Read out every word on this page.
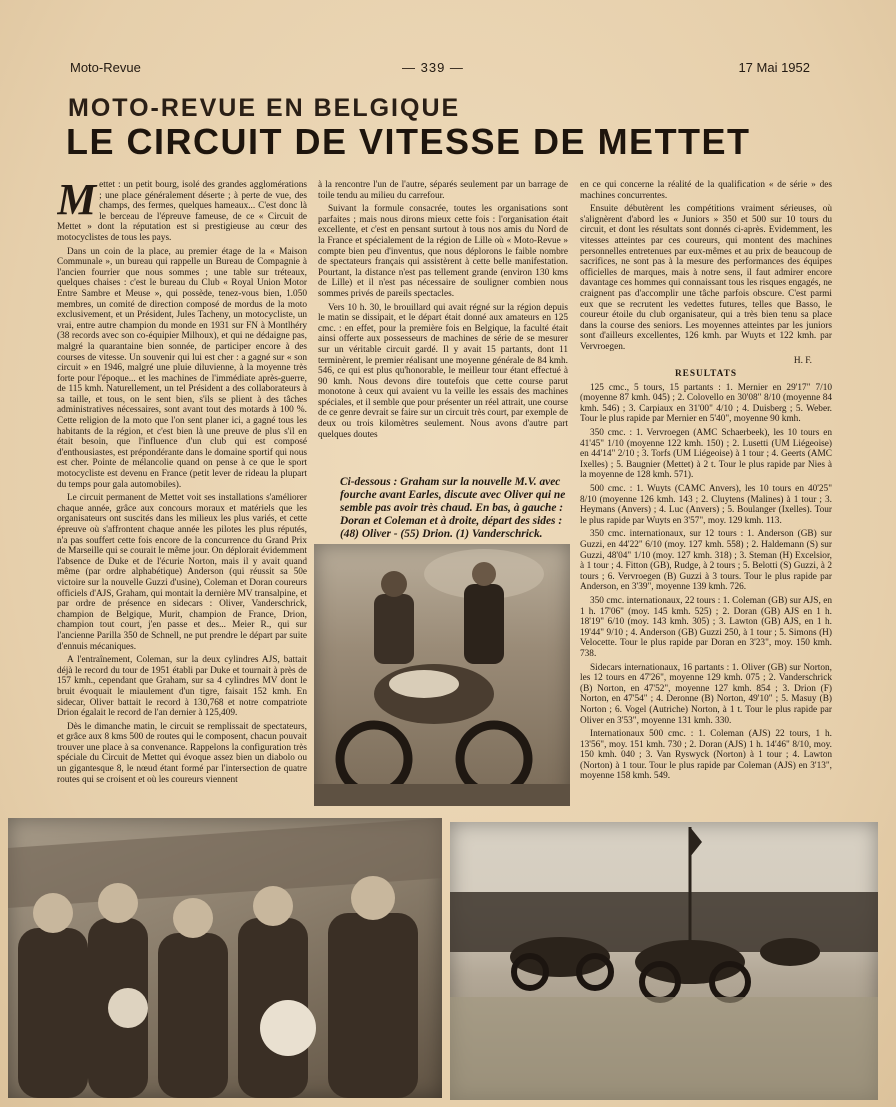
Moto-Revue	— 339 —	17 Mai 1952
MOTO-REVUE EN BELGIQUE
LE CIRCUIT DE VITESSE DE METTET

Mettet : un petit bourg, isolé des grandes agglomérations ; une place généralement déserte ; à perte de vue, des champs, des fermes, quelques hameaux... C'est donc là le berceau de l'épreuve fameuse, de ce « Circuit de Mettet » dont la réputation est si prestigieuse au cœur des motocyclistes de tous les pays.

Dans un coin de la place, au premier étage de la « Maison Communale », un bureau qui rappelle un Bureau de Compagnie à l'ancien fourrier que nous sommes ; une table sur tréteaux, quelques chaises : c'est le bureau du Club « Royal Union Motor Entre Sambre et Meuse », qui possède, tenez-vous bien, 1.050 membres, un comité de direction composé de mordus de la moto exclusivement, et un Président, Jules Tacheny, un motocycliste, un vrai, entre autre champion du monde en 1931 sur FN à Montlhéry (38 records avec son co-équipier Milhoux), et qui ne dédaigne pas, malgré la quarantaine bien sonnée, de participer encore à des courses de vitesse. Un souvenir qui lui est cher : a gagné sur « son circuit » en 1946, malgré une pluie diluvienne, à la moyenne très forte pour l'époque... et les machines de l'immédiate après-guerre, de 115 kmh. Naturellement, un tel Président a des collaborateurs à sa taille, et tous, on le sent bien, s'ils se plient à des tâches administratives nécessaires, sont avant tout des motards à 100 %. Cette religion de la moto que l'on sent planer ici, a gagné tous les habitants de la région, et c'est bien là une preuve de plus s'il en était besoin, que l'influence d'un club qui est composé d'enthousiastes, est prépondérante dans le domaine sportif qui nous est cher. Pointe de mélancolie quand on pense à ce que le sport motocycliste est devenu en France (petit lever de rideau la plupart du temps pour gala automobiles).

Le circuit permanent de Mettet voit ses installations s'améliorer chaque année, grâce aux concours moraux et matériels que les organisateurs ont suscités dans les milieux les plus variés, et cette épreuve où s'affrontent chaque année les pilotes les plus réputés, n'a pas souffert cette fois encore de la concurrence du Grand Prix de Marseille qui se courait le même jour. On déplorait évidemment l'absence de Duke et de l'écurie Norton, mais il y avait quand même (par ordre alphabétique) Anderson (qui réussit sa 50e victoire sur la nouvelle Guzzi d'usine), Coleman et Doran coureurs officiels d'AJS, Graham, qui montait la dernière MV transalpine, et par ordre de présence en sidecars : Oliver, Vanderschrick, champion de Belgique, Murit, champion de France, Drion, champion tout court, j'en passe et des... Meier R., qui sur l'ancienne Parilla 350 de Schnell, ne put prendre le départ par suite d'ennuis mécaniques.

A l'entraînement, Coleman, sur la deux cylindres AJS, battait déjà le record du tour de 1951 établi par Duke et tournait à près de 157 kmh., cependant que Graham, sur sa 4 cylindres MV dont le bruit évoquait le miaulement d'un tigre, faisait 152 kmh. En sidecar, Oliver battait le record à 130,768 et notre compatriote Drion égalait le record de l'an dernier à 125,409.

Dès le dimanche matin, le circuit se remplissait de spectateurs, et grâce aux 8 kms 500 de routes qui le composent, chacun pouvait trouver une place à sa convenance. Rappelons la configuration très spéciale du Circuit de Mettet qui évoque assez bien un diabolo ou un gigantesque 8, le nœud étant formé par l'intersection de quatre routes qui se croisent et où les coureurs viennent

à la rencontre l'un de l'autre, séparés seulement par un barrage de toile tendu au milieu du carrefour.

Suivant la formule consacrée, toutes les organisations sont parfaites ; mais nous dirons mieux cette fois : l'organisation était excellente, et c'est en pensant surtout à tous nos amis du Nord de la France et spécialement de la région de Lille où « Moto-Revue » compte bien peu d'inventus, que nous déplorons le faible nombre de spectateurs français qui assistèrent à cette belle manifestation. Pourtant, la distance n'est pas tellement grande (environ 130 kms de Lille) et il n'est pas nécessaire de souligner combien nous sommes privés de pareils spectacles.

Vers 10 h. 30, le brouillard qui avait régné sur la région depuis le matin se dissipait, et le départ était donné aux amateurs en 125 cmc. : en effet, pour la première fois en Belgique, la faculté était ainsi offerte aux possesseurs de machines de série de se mesurer sur un véritable circuit gardé. Il y avait 15 partants, dont 11 terminèrent, le premier réalisant une moyenne générale de 84 kmh. 546, ce qui est plus qu'honorable, le meilleur tour étant effectué à 90 kmh. Nous devons dire toutefois que cette course parut monotone à ceux qui avaient vu la veille les essais des machines spéciales, et il semble que pour présenter un réel attrait, une course de ce genre devrait se faire sur un circuit très court, par exemple de deux ou trois kilomètres seulement. Nous avons d'autre part quelques doutes

Ci-dessous : Graham sur la nouvelle M.V. avec fourche avant Earles, discute avec Oliver qui ne semble pas avoir très chaud. En bas, à gauche : Doran et Coleman et à droite, départ des sides : (48) Oliver - (55) Drion. (1) Vanderschrick.

en ce qui concerne la réalité de la qualification « de série » des machines concurrentes.

Ensuite débutèrent les compétitions vraiment sérieuses, où s'alignèrent d'abord les « Juniors » 350 et 500 sur 10 tours du circuit, et dont les résultats sont donnés ci-après. Evidemment, les vitesses atteintes par ces coureurs, qui montent des machines personnelles entretenues par eux-mêmes et au prix de beaucoup de sacrifices, ne sont pas à la mesure des performances des équipes officielles de marques, mais à notre sens, il faut admirer encore davantage ces hommes qui connaissant tous les risques engagés, ne craignent pas d'accomplir une tâche parfois obscure. C'est parmi eux que se recrutent les vedettes futures, telles que Basso, le coureur étoile du club organisateur, qui a très bien tenu sa place dans la course des seniors. Les moyennes atteintes par les juniors sont d'ailleurs excellentes, 126 kmh. par Wuyts et 122 kmh. par Vervroegen.

H. F.

RESULTATS

125 cmc., 5 tours, 15 partants : 1. Mernier en 29'17" 7/10 (moyenne 87 kmh. 045) ; 2. Colovello en 30'08" 8/10 (moyenne 84 kmh. 546) ; 3. Carpiaux en 31'00" 4/10 ; 4. Duisberg ; 5. Weber. Tour le plus rapide par Mernier en 5'40", moyenne 90 kmh.

350 cmc. : 1. Vervroegen (AMC Schaerbeek), les 10 tours en 41'45" 1/10 (moyenne 122 kmh. 150) ; 2. Lusetti (UM Liégeoise) en 44'14" 2/10 ; 3. Torfs (UM Liégeoise) à 1 tour ; 4. Geerts (AMC Ixelles) ; 5. Baugnier (Mettet) à 2 t. Tour le plus rapide par Nies à la moyenne de 128 kmh. 571).

500 cmc. : 1. Wuyts (CAMC Anvers), les 10 tours en 40'25" 8/10 (moyenne 126 kmh. 143 ; 2. Cluytens (Malines) à 1 tour ; 3. Heymans (Anvers) ; 4. Luc (Anvers) ; 5. Boulanger (Ixelles). Tour le plus rapide par Wuyts en 3'57", moy. 129 kmh. 113.

350 cmc. internationaux, sur 12 tours : 1. Anderson (GB) sur Guzzi, en 44'22" 6/10 (moy. 127 kmh. 558) ; 2. Haldemann (S) sur Guzzi, 48'04" 1/10 (moy. 127 kmh. 318) ; 3. Steman (H) Excelsior, à 1 tour ; 4. Fitton (GB), Rudge, à 2 tours ; 5. Belotti (S) Guzzi, à 2 tours ; 6. Vervroegen (B) Guzzi à 3 tours. Tour le plus rapide par Anderson, en 3'39", moyenne 139 kmh. 726.

350 cmc. internationaux, 22 tours : 1. Coleman (GB) sur AJS, en 1 h. 17'06" (moy. 145 kmh. 525) ; 2. Doran (GB) AJS en 1 h. 18'19" 6/10 (moy. 143 kmh. 305) ; 3. Lawton (GB) AJS, en 1 h. 19'44" 9/10 ; 4. Anderson (GB) Guzzi 250, à 1 tour ; 5. Simons (H) Velocette. Tour le plus rapide par Doran en 3'23", moy. 150 kmh. 738.

Sidecars internationaux, 16 partants : 1. Oliver (GB) sur Norton, les 12 tours en 47'26", moyenne 129 kmh. 075 ; 2. Vanderschrick (B) Norton, en 47'52", moyenne 127 kmh. 854 ; 3. Drion (F) Norton, en 47'54" ; 4. Deronne (B) Norton, 49'10" ; 5. Masuy (B) Norton ; 6. Vogel (Autriche) Norton, à 1 t. Tour le plus rapide par Oliver en 3'53", moyenne 131 kmh. 330.

Internationaux 500 cmc. : 1. Coleman (AJS) 22 tours, 1 h. 13'56", moy. 151 kmh. 730 ; 2. Doran (AJS) 1 h. 14'46" 8/10, moy. 150 kmh. 040 ; 3. Van Ryswyck (Norton) à 1 tour ; 4. Lawton (Norton) à 1 tour. Tour le plus rapide par Coleman (AJS) en 3'13", moyenne 158 kmh. 549.
